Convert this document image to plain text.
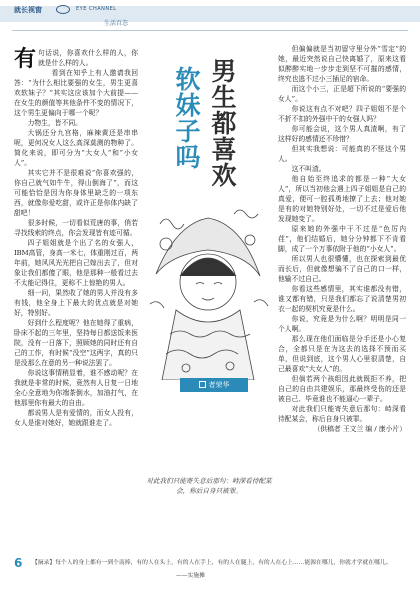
就长视窗	EYE CHANNEL
生活百态

有句话说，你喜欢什么样的人，你就是什么样的人。

看到在知乎上有人邀请我回答：“为什么相比要强的女生，男生更喜欢软妹子？”其实这应该加个大前提——在女生的颜值等其他条件不变的情况下，这个男生更偏向于哪一个呢？

力物生，皆不同。

大锅还分九宫格，麻辣黄还是串串呢，更何况女人这么高深莫测的物种了。简化来说，即可分为“大女人”和“小女人”。

其实它并不是很难说“你喜欢强的，你自己就气如牛牛，得山倒海了”，而这可能恰恰是因为你身体里缺乏的一项东西，就像你爱吃甜，或许正是你体内缺了甜吧！

很多时候，一切看似荒唐的事，俏若寻找线索的终点，你会发现皆有迹可循。

四子姐姐就是个出了名的女强人，IBM高管，身高一米七，体重刚过百，两年前，她风风光光把自己嫁出去了，但对象让我们都傻了眼，他是那种一般看过去不太能记得住，更称不上惊艳的男人。

细一问，果然收了她的男人并没有多有钱，他全身上下最大的优点就是对她好，特别好。

好到什么程度呢？他在她得了重病，卧床不起的三年里，坚持每日都送饭来医院，没有一日落下，照顾她的同时还有自己的工作，有时候“没空”这两字，真的只是没那么在意的另一种说法罢了。

你说这事情稍显着，谁不感动呢？在我就是非常的时候，竟然有人日复一日地全心全意地为你端茶倒水，加油打气，在他那里你有最大的自由。

都说男人是有爱情的，而女人投有，女人是谁对她好，她就跟谁走了。

男生都喜欢
软妹子吗
者荣华
对此我们只能寄失意后那句：峙深看待配某会，称后自身只被罪。

但偏偏就是当初留守里分外“雪定”的她，最近突然说自己快离婚了，原来这看似醉醉实地一步步走到坚不可摧的感情，终究也逃不过小三插足的宿命。

而这个小三，正是超下所说的“要强的女人”。

你说这有点不对吧？四子姐姐不是个不折不扣的外强中干的女强人吗？

你可能会说，这个男人真渣啊，有了这样好的感情还不珍惜？

但其实我想说：可能真的不怪这个男人。

这不叫渣。

他自始至终追求的都是一种“大女人”，所以当初他会遇上四子姐姐是自己的真爱，便可一腔孤勇地撩了上去；他对她是有的对她特别好处，一切不过是爱后他发现她变了。

原来她的外强中干不过是“色厉内荏”，他们结婚后，她分分钟都下不肯看脚，成了一个万事依附于他的“小女人”。

所以男人也很懵懂，也在探索到最优而长后，但就像想骗不了自己的口一样，他输不过自己。

你看这些感情里，其实谁都没有错，谁又都有错，只是我们都忘了说清楚男初衣一起的契机究竟是什么。

你说，究竟是为什么啊？明明是同一个人啊。

那么现在他们面临是分手还是小心复合，全都只是在为这去的选择不预而买单，但说到底，这个男人心里很清楚，自己最喜欢“大女人”的。

但倘若两个孩组因此就既拒不养，把自己的自由共建娱乐，那最终受伤的还是被自己、毕竟谁也不能逼心一辈子。

对此我们只能寄失意后那句：峙深看待配某会，称后自身只被罪。

（供稿者 王文兰 编 / 康小片）

6 【摘录】每个人的身上都有一到个南捧，有的人在头上，有的人在手上，有的人在腿上，有的人在心上……能源在哪儿，你就才学就在哪儿。
——实施摊
